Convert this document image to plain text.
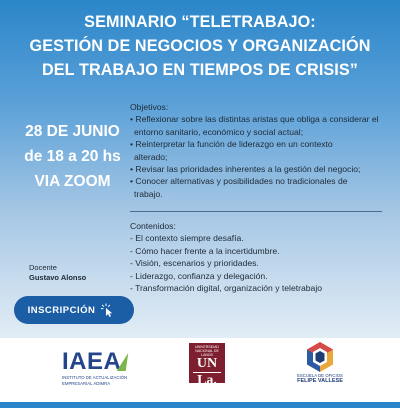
SEMINARIO “TELETRABAJO:
GESTIÓN DE NEGOCIOS Y ORGANIZACIÓN
DEL TRABAJO EN TIEMPOS DE CRISIS”
28 DE JUNIO
de 18 a 20 hs
VIA ZOOM
Objetivos:
• Reflexionar sobre las distintas aristas que obliga a considerar el
entorno sanitario, económico y social actual;
• Reinterpretar la función de liderazgo en un contexto
alterado;
• Revisar las prioridades inherentes a la gestión del negocio;
• Conocer alternativas y posibilidades no tradicionales de
trabajo.
Contenidos:
- El contexto siempre desafía.
- Cómo hacer frente a la incertidumbre.
- Visión, escenarios y prioridades.
- Liderazgo, confianza y delegación.
- Transformación digital, organización y teletrabajo
Docente
Gustavo Alonso
INSCRIPCIÓN
IAEA
INSTITUTO DE ACTUALIZACIÓN
EMPRESARIAL ADIMRA
UNIVERSIDAD
NACIONAL DE
LANÚS
UN
La.	ESCUELA DE OFICIOS
FELIPE VALLESE
